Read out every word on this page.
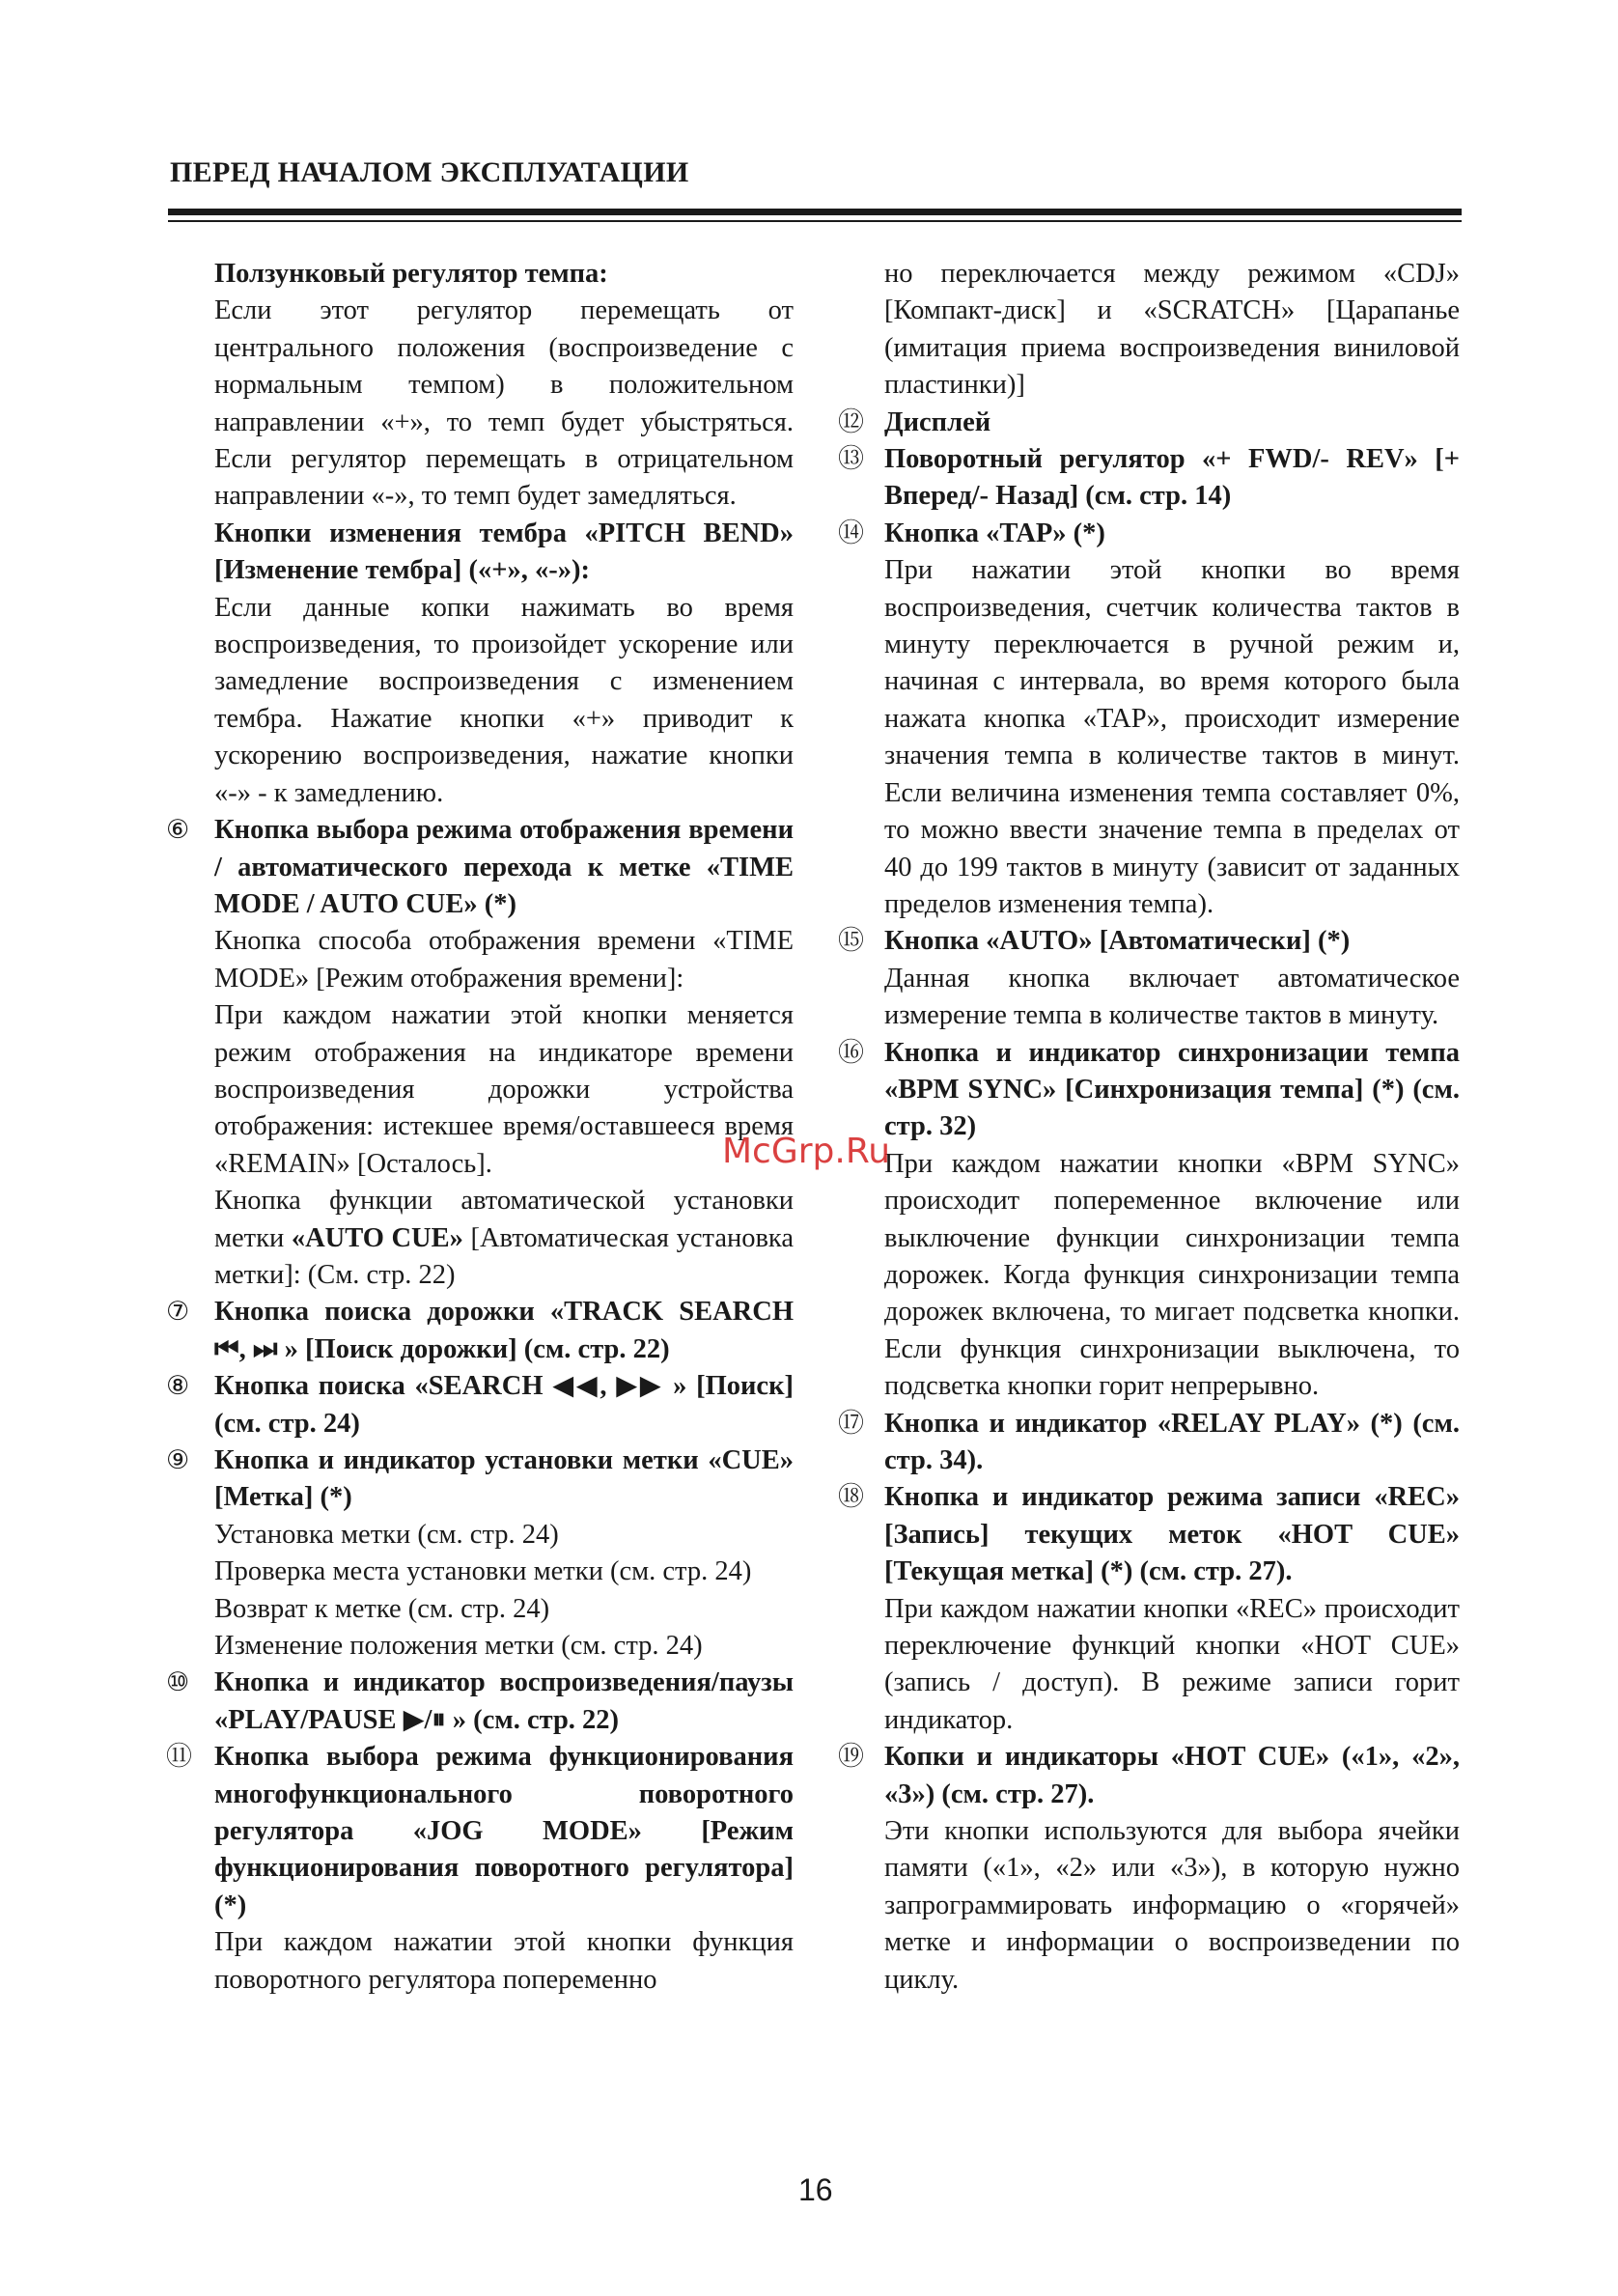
ПЕРЕД НАЧАЛОМ ЭКСПЛУАТАЦИИ
Ползунковый регулятор темпа:
Если этот регулятор перемещать от центрального положения (воспроизведение с нормальным темпом) в положительном направлении «+», то темп будет убыстряться. Если регулятор перемещать в отрицательном направлении «-», то темп будет замедляться.
Кнопки изменения тембра «PITCH BEND» [Изменение тембра] («+», «-»):
Если данные копки нажимать во время воспроизведения, то произойдет ускорение или замедление воспроизведения с изменением тембра. Нажатие кнопки «+» приводит к ускорению воспроизведения, нажатие кнопки «-» - к замедлению.
⑥ Кнопка выбора режима отображения времени / автоматического перехода к метке «TIME MODE / AUTO CUE» (*)
Кнопка способа отображения времени «TIME MODE» [Режим отображения времени]:
При каждом нажатии этой кнопки меняется режим отображения на индикаторе времени воспроизведения дорожки устройства отображения: истекшее время/оставшееся время «REMAIN» [Осталось].
Кнопка функции автоматической установки метки «AUTO CUE» [Автоматическая установка метки]: (См. стр. 22)
⑦ Кнопка поиска дорожки «TRACK SEARCH ⏮, ⏭ » [Поиск дорожки] (см. стр. 22)
⑧ Кнопка поиска «SEARCH ◀◀, ▶▶ » [Поиск] (см. стр. 24)
⑨ Кнопка и индикатор установки метки «CUE» [Метка] (*)
Установка метки (см. стр. 24)
Проверка места установки метки (см. стр. 24)
Возврат к метке (см. стр. 24)
Изменение положения метки (см. стр. 24)
⑩ Кнопка и индикатор воспроизведения/паузы «PLAY/PAUSE ▶/⏸ » (см. стр. 22)
⑪ Кнопка выбора режима функционирования многофункционального поворотного регулятора «JOG MODE» [Режим функционирования поворотного регулятора] (*)
При каждом нажатии этой кнопки функция поворотного регулятора попеременно
но переключается между режимом «CDJ» [Компакт-диск] и «SCRATCH» [Царапанье (имитация приема воспроизведения виниловой пластинки)]
⑫ Дисплей
⑬ Поворотный регулятор «+ FWD/- REV» [+ Вперед/- Назад] (см. стр. 14)
⑭ Кнопка «TAP» (*)
При нажатии этой кнопки во время воспроизведения, счетчик количества тактов в минуту переключается в ручной режим и, начиная с интервала, во время которого была нажата кнопка «TAP», происходит измерение значения темпа в количестве тактов в минут. Если величина изменения темпа составляет 0%, то можно ввести значение темпа в пределах от 40 до 199 тактов в минуту (зависит от заданных пределов изменения темпа).
⑮ Кнопка «AUTO» [Автоматически] (*)
Данная кнопка включает автоматическое измерение темпа в количестве тактов в минуту.
⑯ Кнопка и индикатор синхронизации темпа «BPM SYNC» [Синхронизация темпа] (*) (см. стр. 32)
При каждом нажатии кнопки «BPM SYNC» происходит попеременное включение или выключение функции синхронизации темпа дорожек. Когда функция синхронизации темпа дорожек включена, то мигает подсветка кнопки. Если функция синхронизации выключена, то подсветка кнопки горит непрерывно.
⑰ Кнопка и индикатор «RELAY PLAY» (*) (см. стр. 34).
⑱ Кнопка и индикатор режима записи «REC» [Запись] текущих меток «HOT CUE» [Текущая метка] (*) (см. стр. 27).
При каждом нажатии кнопки «REC» происходит переключение функций кнопки «HOT CUE» (запись / доступ). В режиме записи горит индикатор.
⑲ Копки и индикаторы «HOT CUE» («1», «2», «3») (см. стр. 27).
Эти кнопки используются для выбора ячейки памяти («1», «2» или «3»), в которую нужно запрограммировать информацию о «горячей» метке и информации о воспроизведении по циклу.
McGrp.Ru
16
